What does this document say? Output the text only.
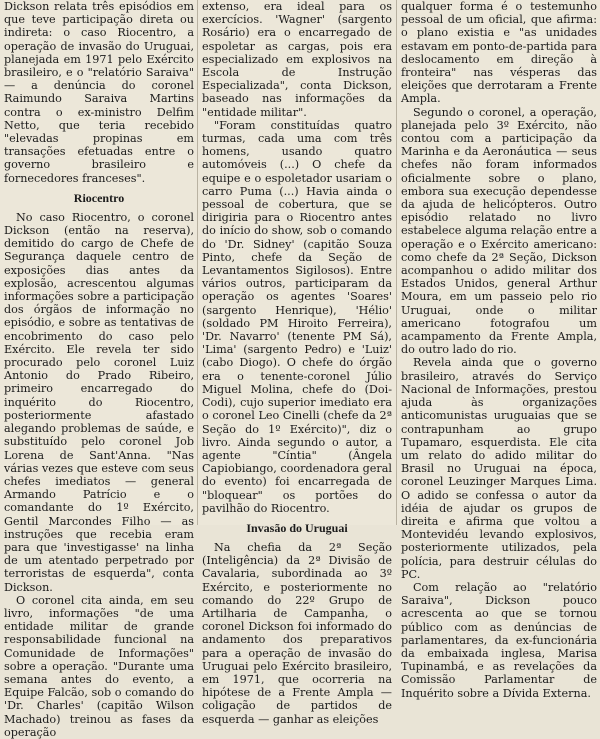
Dickson relata três episódios em que teve participação direta ou indireta: o caso Riocentro, a operação de invasão do Uruguai, planejada em 1971 pelo Exército brasileiro, e o "relatório Saraiva" — a denúncia do coronel Raimundo Saraiva Martins contra o ex-ministro Delfim Netto, que teria recebido "elevadas propinas em transações efetuadas entre o governo brasileiro e fornecedores franceses".

Riocentro

No caso Riocentro, o coronel Dickson (então na reserva), demitido do cargo de Chefe de Segurança daquele centro de exposições dias antes da explosão, acrescentou algumas informações sobre a participação dos órgãos de informação no episódio, e sobre as tentativas de encobrimento do caso pelo Exército. Ele revela ter sido procurado pelo coronel Luiz Antonio do Prado Ribeiro, primeiro encarregado do inquérito do Riocentro, posteriormente afastado alegando problemas de saúde, e substituído pelo coronel Job Lorena de Sant'Anna. "Nas várias vezes que esteve com seus chefes imediatos — general Armando Patrício e o comandante do 1º Exército, Gentil Marcondes Filho — as instruções que recebia eram para que 'investigasse' na linha de um atentado perpetrado por terroristas de esquerda", conta Dickson.

O coronel cita ainda, em seu livro, informações "de uma entidade militar de grande responsabilidade funcional na Comunidade de Informações" sobre a operação. "Durante uma semana antes do evento, a Equipe Falcão, sob o comando do 'Dr. Charles' (capitão Wilson Machado) treinou as fases da operação

extenso, era ideal para os exercícios. 'Wagner' (sargento Rosário) era o encarregado de espoletar as cargas, pois era especializado em explosivos na Escola de Instrução Especializada", conta Dickson, baseado nas informações da "entidade militar".

"Foram constituídas quatro turmas, cada uma com três homens, usando quatro automóveis (...) O chefe da equipe e o espoletador usariam o carro Puma (...) Havia ainda o pessoal de cobertura, que se dirigiria para o Riocentro antes do início do show, sob o comando do 'Dr. Sidney' (capitão Souza Pinto, chefe da Seção de Levantamentos Sigilosos). Entre vários outros, participaram da operação os agentes 'Soares' (sargento Henrique), 'Hélio' (soldado PM Hiroito Ferreira), 'Dr. Navarro' (tenente PM Sá), 'Lima' (sargento Pedro) e 'Luiz' (cabo Diogo). O chefe do órgão era o tenente-coronel Júlio Miguel Molina, chefe do (Doi-Codi), cujo superior imediato era o coronel Leo Cinelli (chefe da 2ª Seção do 1º Exército)", diz o livro. Ainda segundo o autor, a agente "Cíntia" (Ângela Capiobiango, coordenadora geral do evento) foi encarregada de "bloquear" os portões do pavilhão do Riocentro.

Invasão do Uruguai

Na chefia da 2ª Seção (Inteligência) da 2ª Divisão de Cavalaria, subordinada ao 3º Exército, e posteriormente no comando do 22º Grupo de Artilharia de Campanha, o coronel Dickson foi informado do andamento dos preparativos para a operação de invasão do Uruguai pelo Exército brasileiro, em 1971, que ocorreria na hipótese de a Frente Ampla — coligação de partidos de esquerda — ganhar as eleições

qualquer forma é o testemunho pessoal de um oficial, que afirma: o plano existia e "as unidades estavam em ponto-de-partida para deslocamento em direção à fronteira" nas vésperas das eleições que derrotaram a Frente Ampla.

Segundo o coronel, a operação, planejada pelo 3º Exército, não contou com a participação da Marinha e da Aeronáutica — seus chefes não foram informados oficialmente sobre o plano, embora sua execução dependesse da ajuda de helicópteros. Outro episódio relatado no livro estabelece alguma relação entre a operação e o Exército americano: como chefe da 2ª Seção, Dickson acompanhou o adido militar dos Estados Unidos, general Arthur Moura, em um passeio pelo rio Uruguai, onde o militar americano fotografou um acampamento da Frente Ampla, do outro lado do rio.

Revela ainda que o governo brasileiro, através do Serviço Nacional de Informações, prestou ajuda às organizações anticomunistas uruguaias que se contrapunham ao grupo Tupamaro, esquerdista. Ele cita um relato do adido militar do Brasil no Uruguai na época, coronel Leuzinger Marques Lima. O adido se confessa o autor da idéia de ajudar os grupos de direita e afirma que voltou a Montevidéu levando explosivos, posteriormente utilizados, pela polícia, para destruir células do PC.

Com relação ao "relatório Saraiva", Dickson pouco acrescenta ao que se tornou público com as denúncias de parlamentares, da ex-funcionária da embaixada inglesa, Marisa Tupinambá, e as revelações da Comissão Parlamentar de Inquérito sobre a Dívida Externa.
